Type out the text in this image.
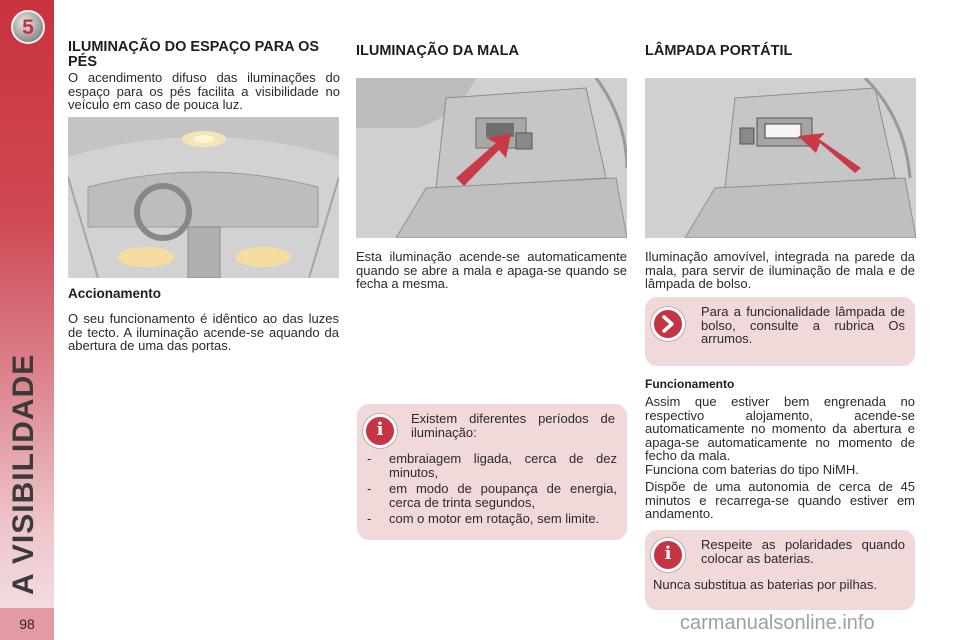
5
A VISIBILIDADE
98
ILUMINAÇÃO DO ESPAÇO PARA OS PÉS

O acendimento difuso das iluminações do espaço para os pés facilita a visibilidade no veículo em caso de pouca luz.

Accionamento

O seu funcionamento é idêntico ao das luzes de tecto. A iluminação acende-se aquando da abertura de uma das portas.

ILUMINAÇÃO DA MALA

Esta iluminação acende-se automaticamente quando se abre a mala e apaga-se quando se fecha a mesma.

i

Existem diferentes períodos de iluminação:

- embraiagem ligada, cerca de dez minutos,
- em modo de poupança de energia, cerca de trinta segundos,
- com o motor em rotação, sem limite.
LÂMPADA PORTÁTIL

Iluminação amovível, integrada na parede da mala, para servir de iluminação de mala e de lâmpada de bolso.

Para a funcionalidade lâmpada de bolso, consulte a rubrica Os arrumos.

Funcionamento

Assim que estiver bem engrenada no respectivo alojamento, acende-se automaticamente no momento da abertura e apaga-se automaticamente no momento de fecho da mala.

Funciona com baterias do tipo NiMH.

Dispõe de uma autonomia de cerca de 45 minutos e recarrega-se quando estiver em andamento.

i	Respeite as polaridades quando colocar as baterias.

Nunca substitua as baterias por pilhas.

carmanualsonline.info
